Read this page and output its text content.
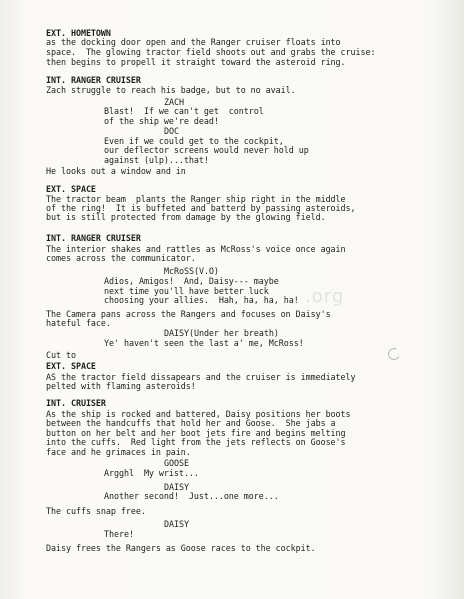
.org
EXT. HOMETOWN
as the docking door open and the Ranger cruiser floats into
space.  The glowing tractor field shoots out and grabs the cruise:
then begins to propell it straight toward the asteroid ring.
INT. RANGER CRUISER
Zach struggle to reach his badge, but to no avail.
ZACH
Blast!  If we can't get  control
of the ship we're dead!
DOC
Even if we could get to the cockpit,
our deflector screens would never hold up
against (ulp)...that!
He looks out a window and in
EXT. SPACE
The tractor beam  plants the Ranger ship right in the middle
of the ring!  It is buffeted and batterd by passing asteroids,
but is still protected from damage by the glowing field.
INT. RANGER CRUISER
The interior shakes and rattles as McRoss's voice once again
comes across the communicator.
McRoSS(V.O)
Adios, Amigos!  And, Daisy--- maybe
next time you'll have better luck
choosing your allies.  Hah, ha, ha, ha!
The Camera pans across the Rangers and focuses on Daisy's
hateful face.
DAISY(Under her breath)
Ye' haven't seen the last a' me, McRoss!
Cut to
EXT. SPACE
AS the tractor field dissapears and the cruiser is immediately
pelted with flaming asteroids!
INT. CRUISER
As the ship is rocked and battered, Daisy positions her boots
between the handcuffs that hold her and Goose.  She jabs a
button on her belt and her boot jets fire and begins melting
into the cuffs.  Red light from the jets reflects on Goose's
face and he grimaces in pain.
GOOSE
Argghl  My wrist...
DAISY
Another second!  Just...one more...
The cuffs snap free.
DAISY
There!
Daisy frees the Rangers as Goose races to the cockpit.
